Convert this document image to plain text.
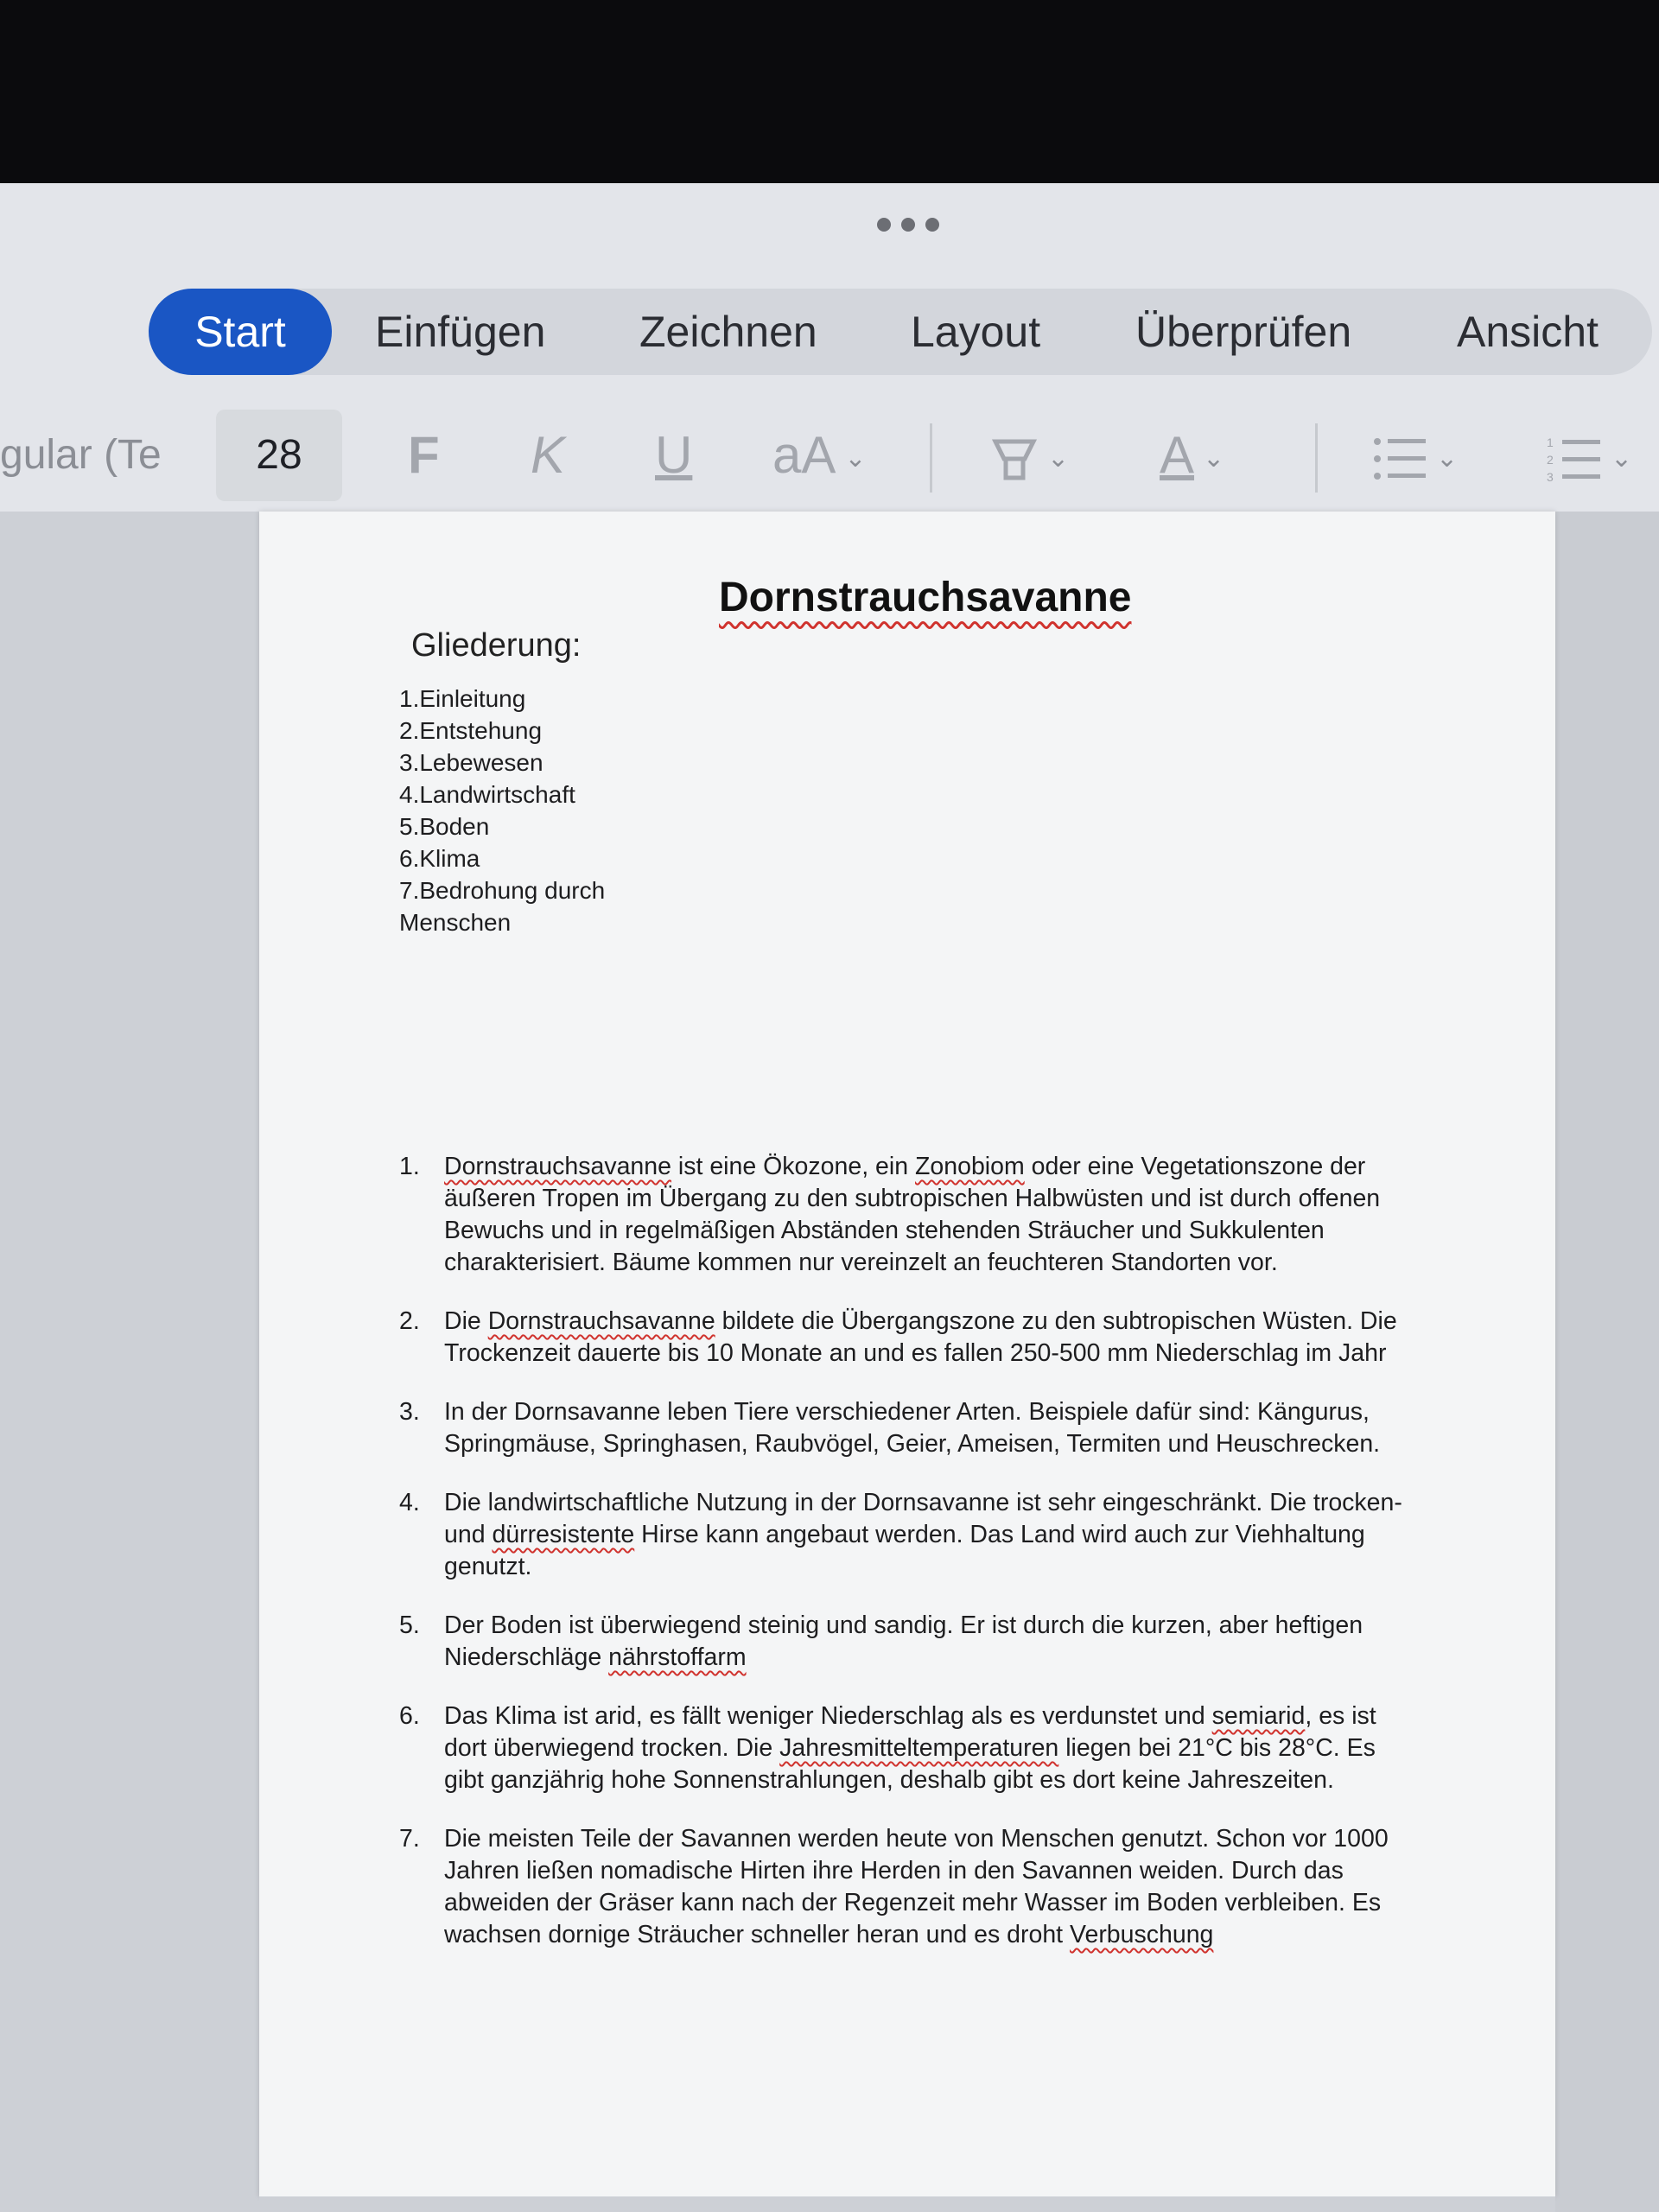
Start	Einfügen Zeichnen Layout Überprüfen Ansicht
gular (Te	28	F K U aA ⌄	⌄ A ⌄	⌄
1
2
3
⌄
Dornstrauchsavanne
Gliederung:
1.Einleitung
2.Entstehung
3.Lebewesen
4.Landwirtschaft
5.Boden
6.Klima
7.Bedrohung durch
Menschen
1. Dornstrauchsavanne ist eine Ökozone, ein Zonobiom oder eine Vegetationszone der äußeren Tropen im Übergang zu den subtropischen Halbwüsten und ist durch offenen Bewuchs und in regelmäßigen Abständen stehenden Sträucher und Sukkulenten charakterisiert. Bäume kommen nur vereinzelt an feuchteren Standorten vor.
2. Die Dornstrauchsavanne bildete die Übergangszone zu den subtropischen Wüsten. Die Trockenzeit dauerte bis 10 Monate an und es fallen 250-500 mm Niederschlag im Jahr
3. In der Dornsavanne leben Tiere verschiedener Arten. Beispiele dafür sind: Kängurus, Springmäuse, Springhasen, Raubvögel, Geier, Ameisen, Termiten und Heuschrecken.
4. Die landwirtschaftliche Nutzung in der Dornsavanne ist sehr eingeschränkt. Die trocken- und dürresistente Hirse kann angebaut werden. Das Land wird auch zur Viehhaltung genutzt.
5. Der Boden ist überwiegend steinig und sandig. Er ist durch die kurzen, aber heftigen Niederschläge nährstoffarm
6. Das Klima ist arid, es fällt weniger Niederschlag als es verdunstet und semiarid, es ist dort überwiegend trocken. Die Jahresmitteltemperaturen liegen bei 21°C bis 28°C. Es gibt ganzjährig hohe Sonnenstrahlungen, deshalb gibt es dort keine Jahreszeiten.
7. Die meisten Teile der Savannen werden heute von Menschen genutzt. Schon vor 1000 Jahren ließen nomadische Hirten ihre Herden in den Savannen weiden. Durch das abweiden der Gräser kann nach der Regenzeit mehr Wasser im Boden verbleiben. Es wachsen dornige Sträucher schneller heran und es droht Verbuschung
